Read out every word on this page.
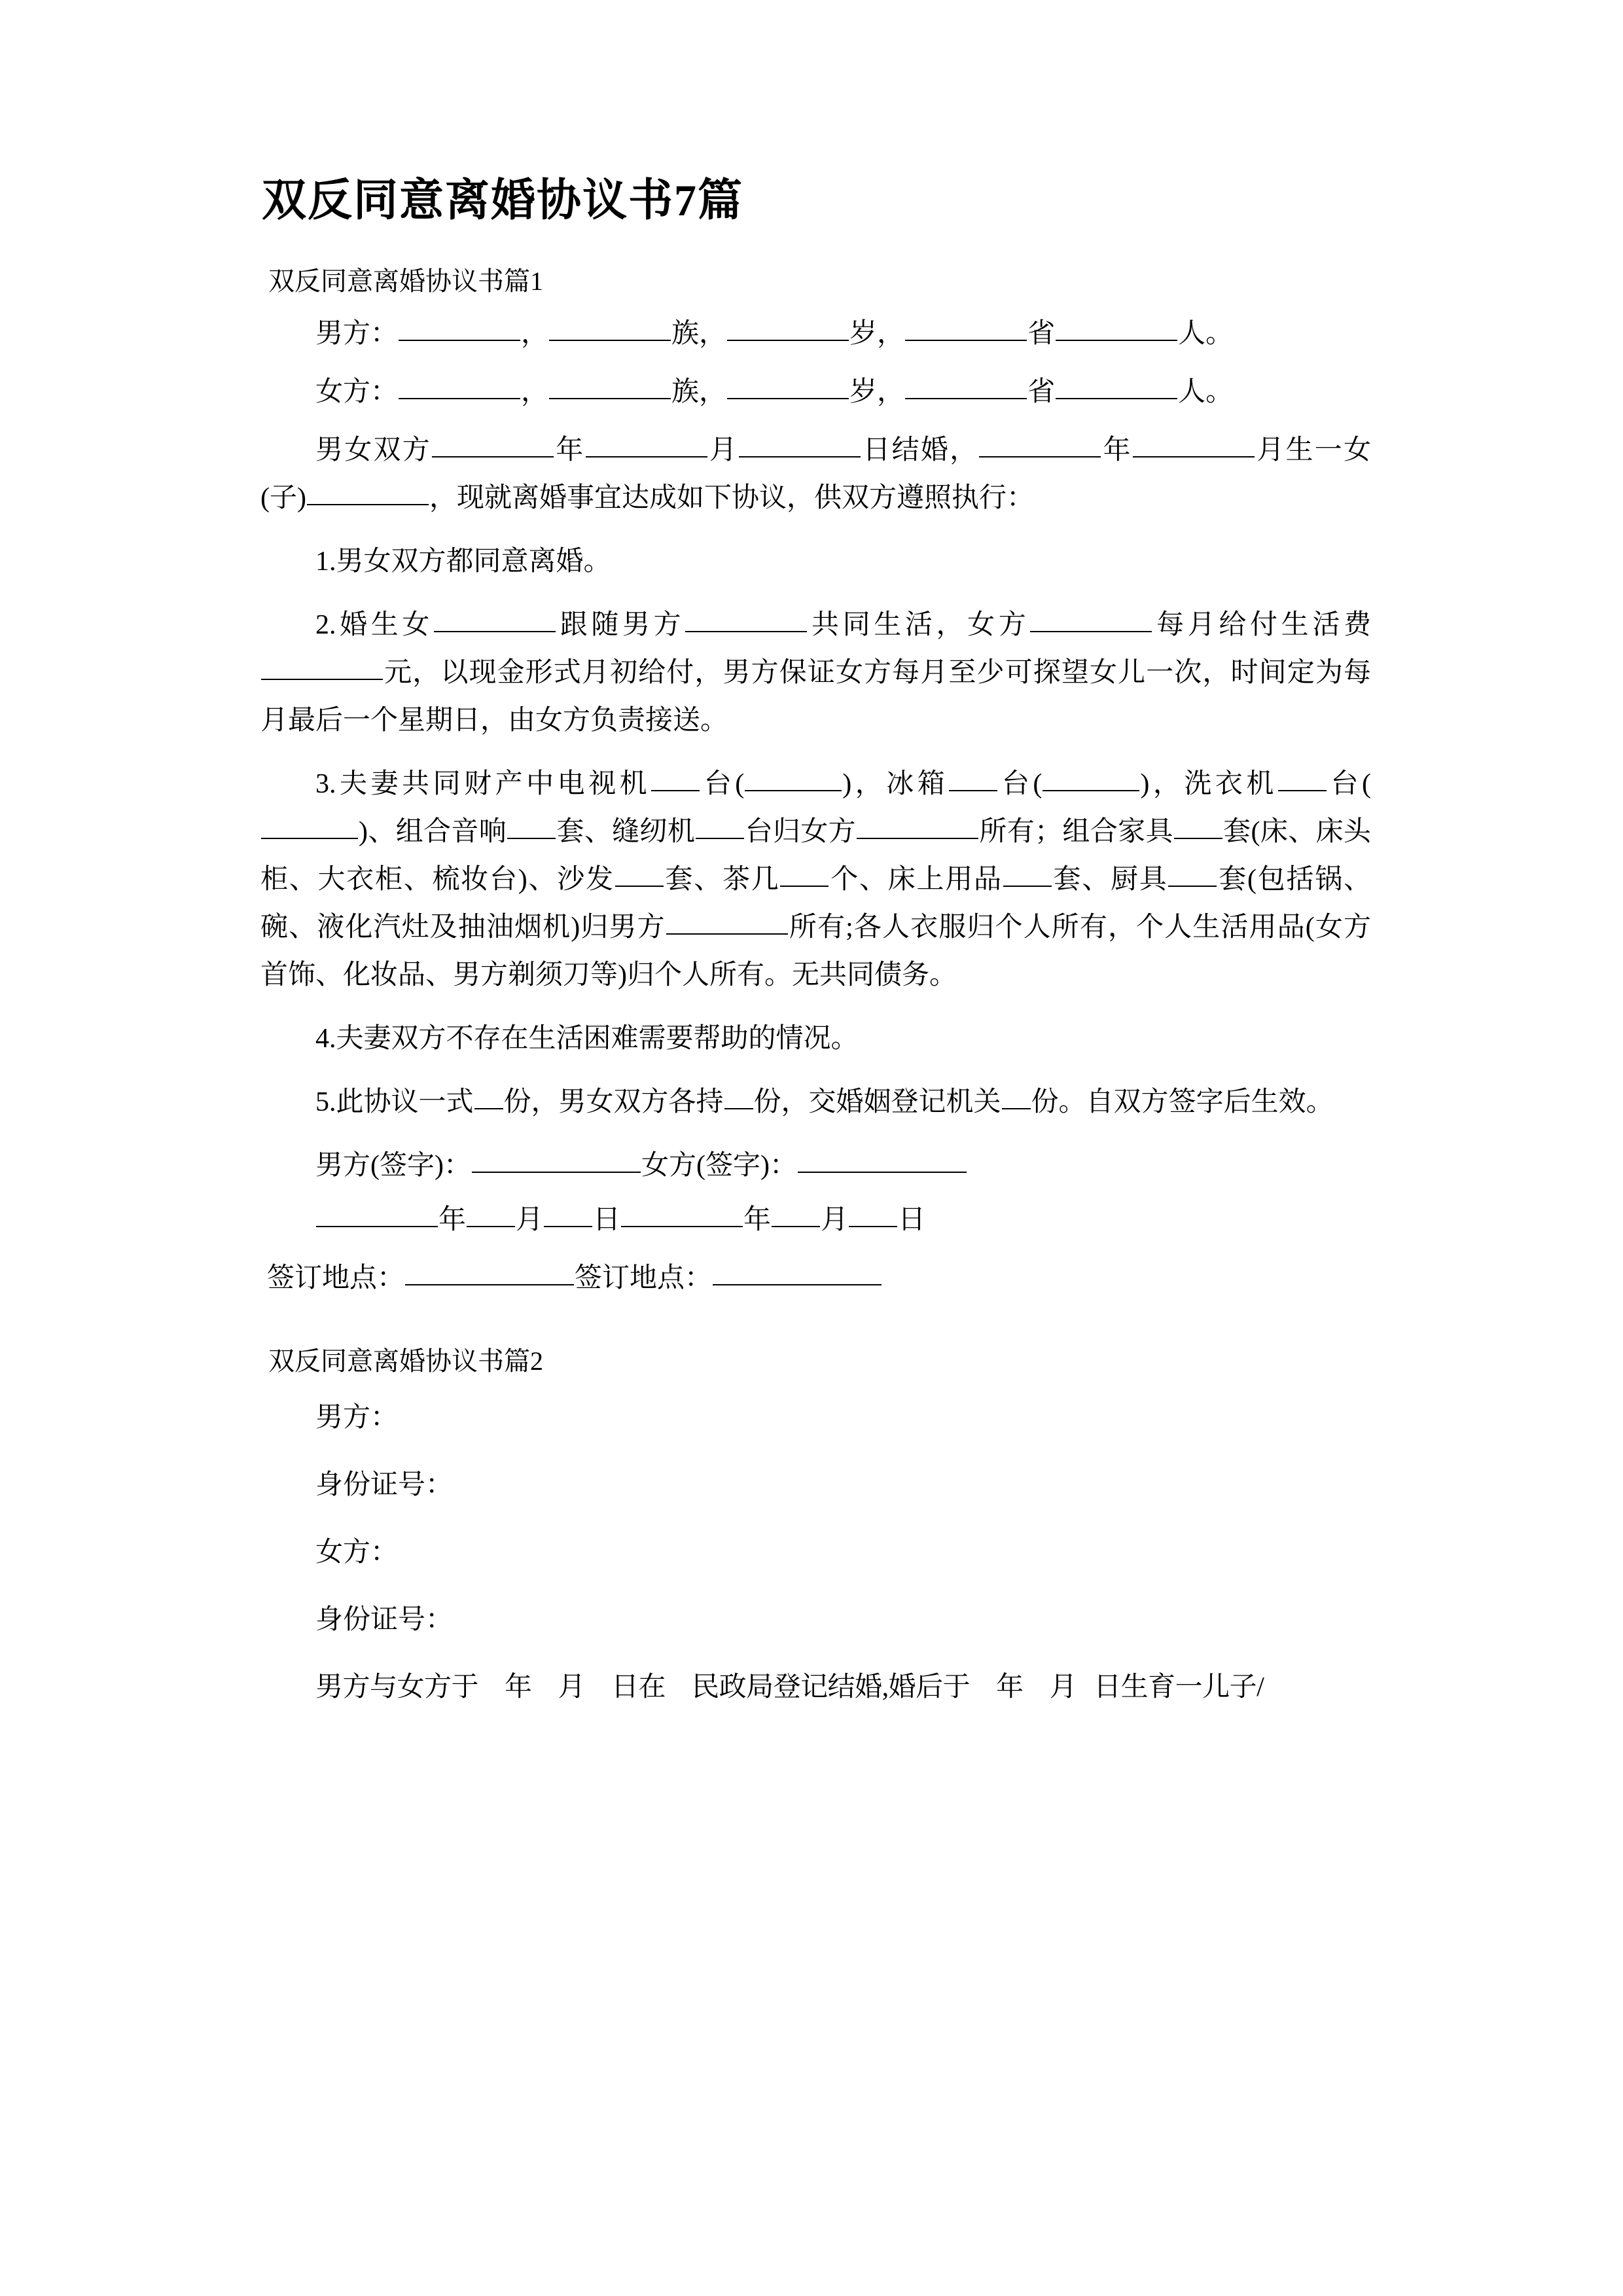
双反同意离婚协议书7篇
双反同意离婚协议书篇1

男方：	，	族，	岁，	省	人。

女方：	，	族，	岁，	省	人。

男女双方	年	月	日结婚，	年	月生一女(子)	，现就离婚事宜达成如下协议，供双方遵照执行：

1.男女双方都同意离婚。

2.婚生女	跟随男方	共同生活，女方	每月给付生活费元，以现金形式月初给付，男方保证女方每月至少可探望女儿一次，时间定为每月最后一个星期日，由女方负责接送。

3.夫妻共同财产中电视机 台(	)，冰箱 台(	)，洗衣机 台()、组合音响 套、缝纫机 台归女方	所有；组合家具 套(床、床头柜、大衣柜、梳妆台)、沙发 套、茶几 个、床上用品 套、厨具 套(包括锅、碗、液化汽灶及抽油烟机)归男方	所有;各人衣服归个人所有，个人生活用品(女方首饰、化妆品、男方剃须刀等)归个人所有。无共同债务。

4.夫妻双方不存在生活困难需要帮助的情况。

5.此协议一式 份，男女双方各持 份，交婚姻登记机关 份。自双方签字后生效。

男方(签字)：	女方(签字)：
年 月 日	年 月 日
签订地点：	签订地点：
双反同意离婚协议书篇2
男方：
身份证号：
女方：
身份证号：
男方与女方于 年 月 日在 民政局登记结婚,婚后于 年 月 日生育一儿子/
